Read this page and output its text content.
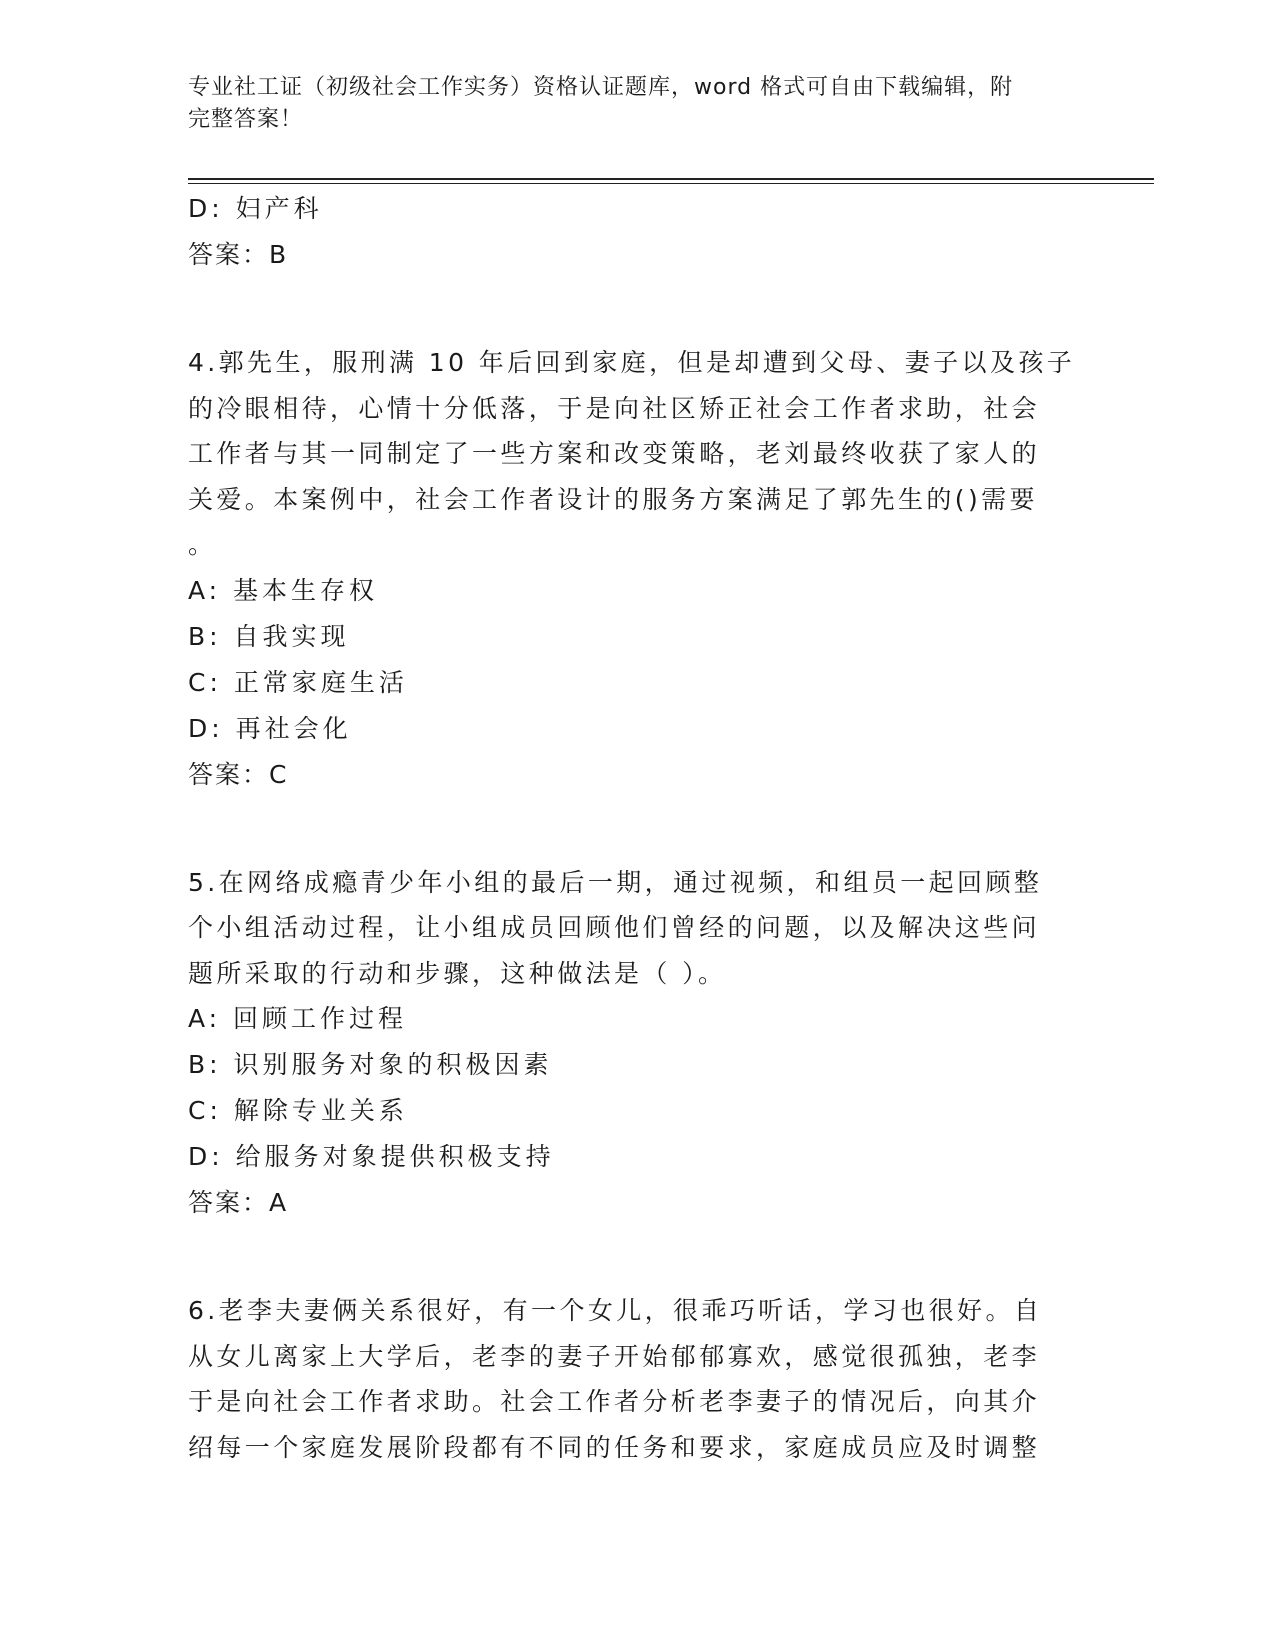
专业社工证（初级社会工作实务）资格认证题库，word 格式可自由下载编辑，附
完整答案！
D: 妇产科
答案：B
4.郭先生，服刑满 10 年后回到家庭，但是却遭到父母、妻子以及孩子
的冷眼相待，心情十分低落，于是向社区矫正社会工作者求助，社会
工作者与其一同制定了一些方案和改变策略，老刘最终收获了家人的
关爱。本案例中，社会工作者设计的服务方案满足了郭先生的()需要
。
A: 基本生存权
B: 自我实现
C: 正常家庭生活
D: 再社会化
答案：C
5.在网络成瘾青少年小组的最后一期，通过视频，和组员一起回顾整
个小组活动过程，让小组成员回顾他们曾经的问题，以及解决这些问
题所采取的行动和步骤，这种做法是（ ）。
A: 回顾工作过程
B: 识别服务对象的积极因素
C: 解除专业关系
D: 给服务对象提供积极支持
答案：A
6.老李夫妻俩关系很好，有一个女儿，很乖巧听话，学习也很好。自
从女儿离家上大学后，老李的妻子开始郁郁寡欢，感觉很孤独，老李
于是向社会工作者求助。社会工作者分析老李妻子的情况后，向其介
绍每一个家庭发展阶段都有不同的任务和要求，家庭成员应及时调整
